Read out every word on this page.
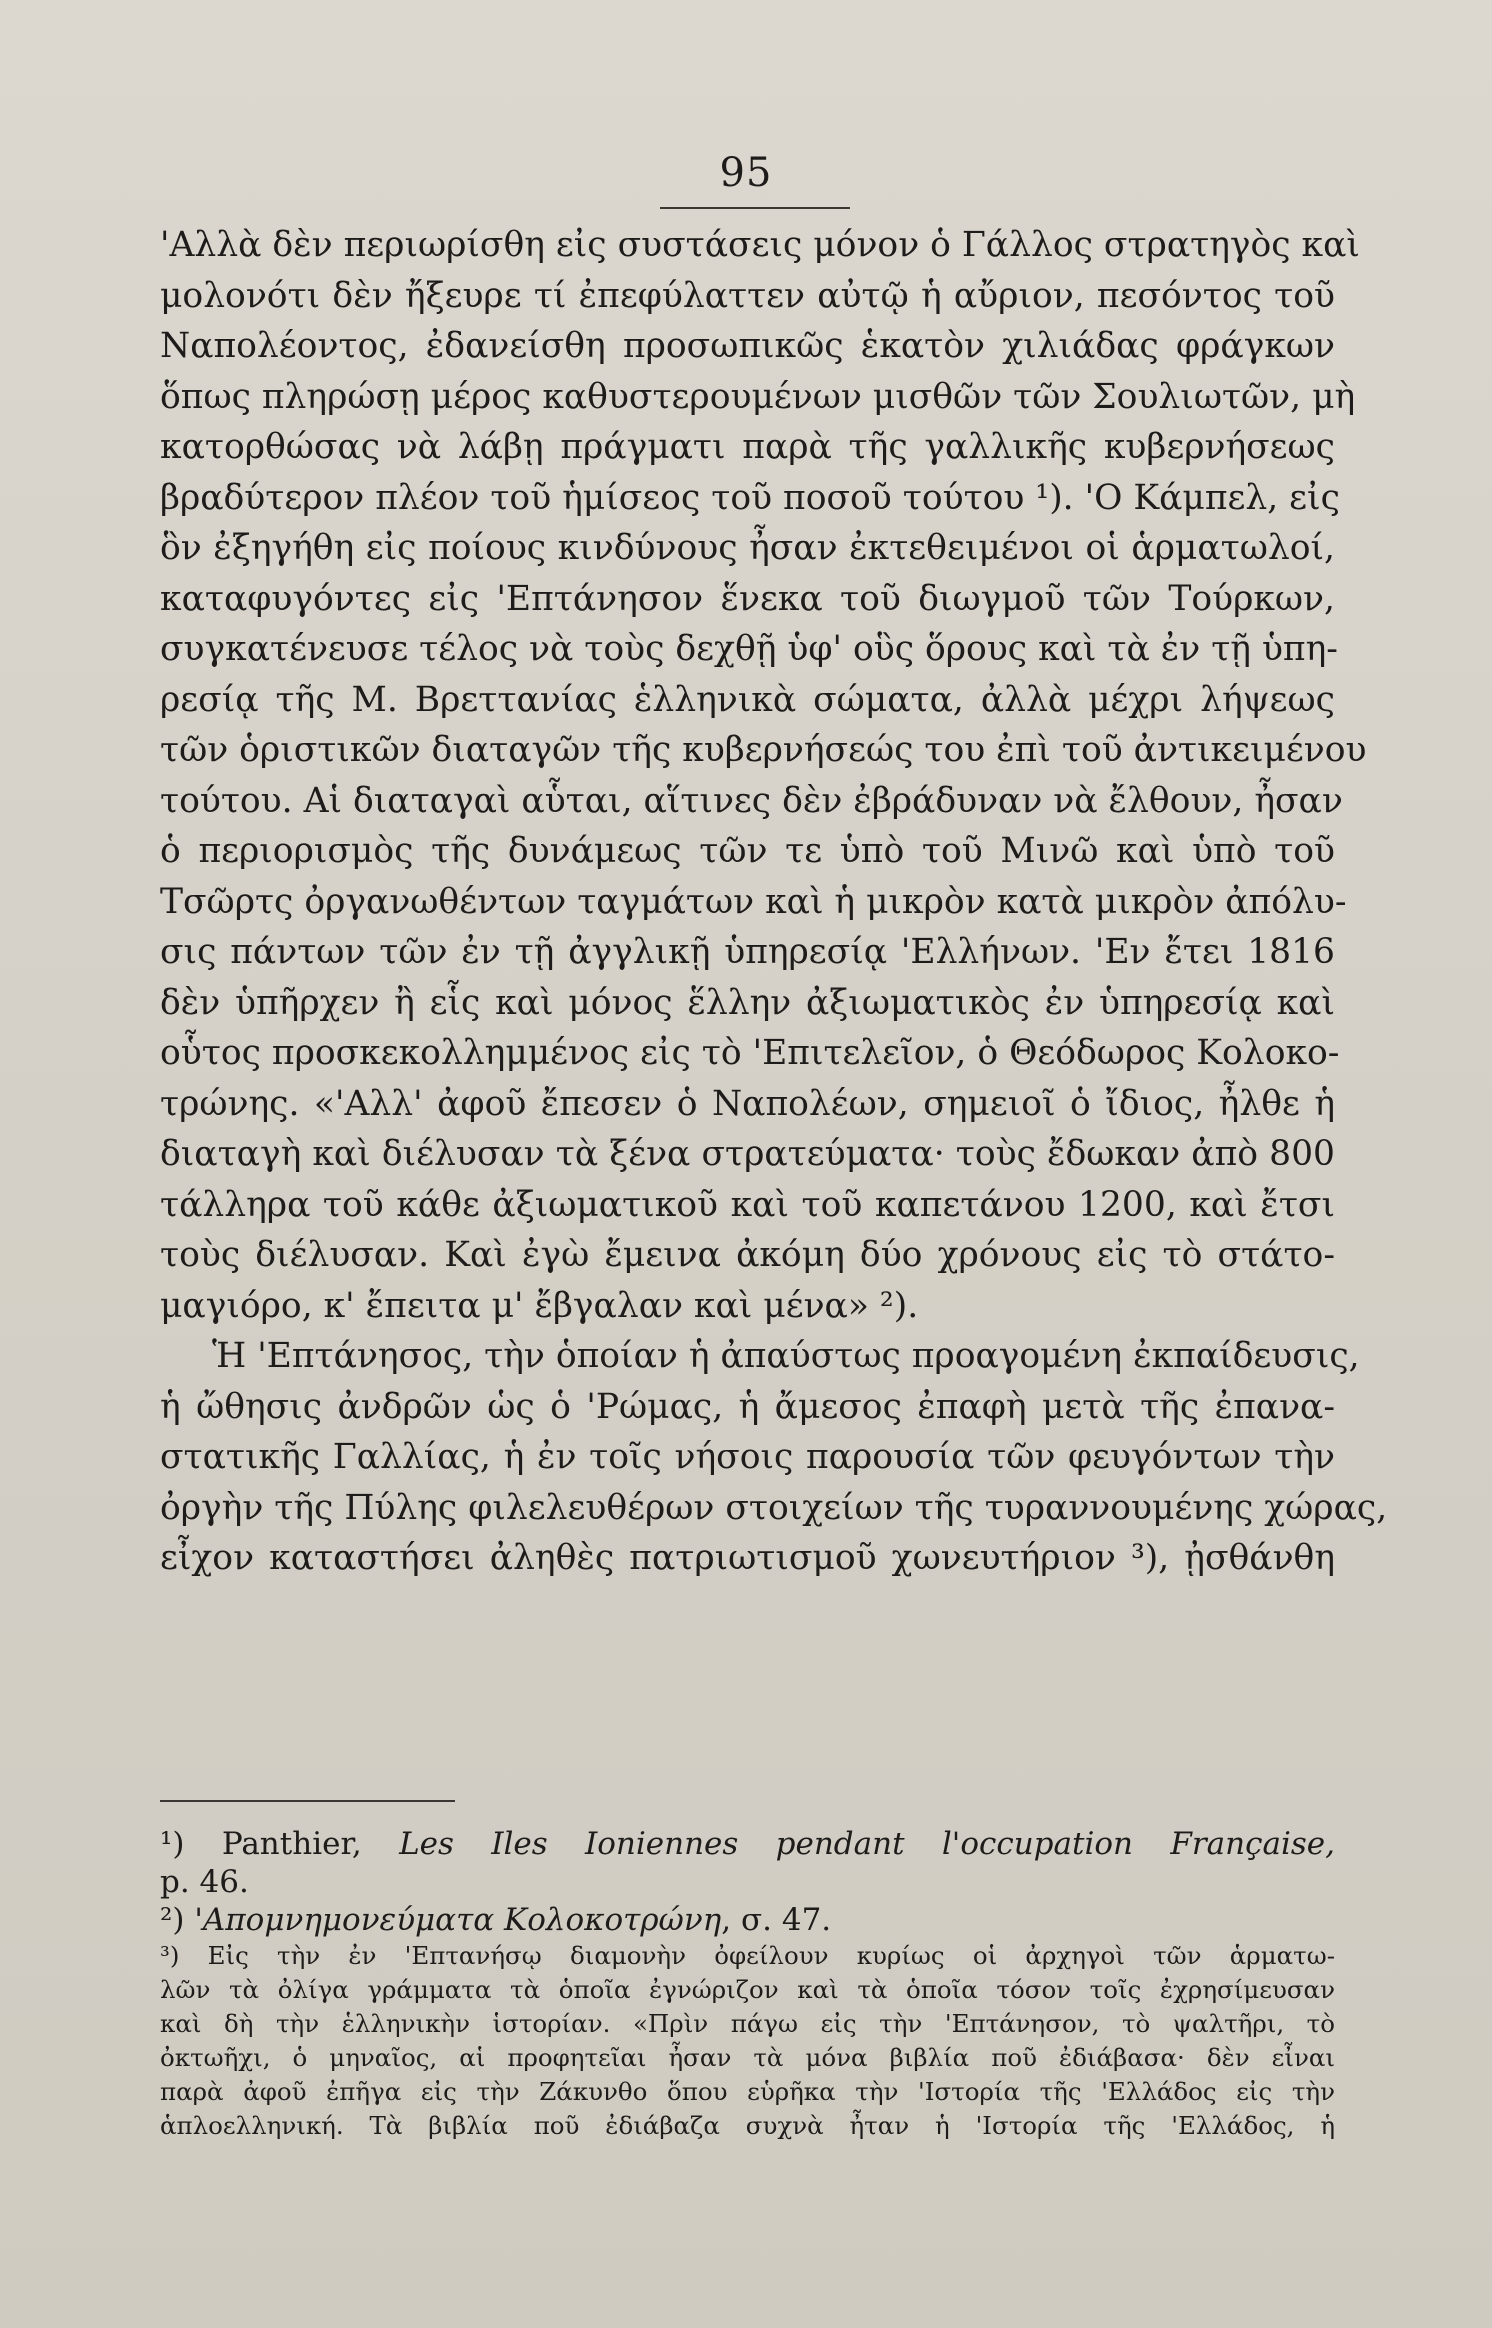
95
'Αλλὰ δὲν περιωρίσθη εἰς συστάσεις μόνον ὁ Γάλλος στρατηγὸς καὶ
μολονότι δὲν ἤξευρε τί ἐπεφύλαττεν αὐτῷ ἡ αὔριον, πεσόντος τοῦ
Ναπολέοντος, ἐδανείσθη προσωπικῶς ἑκατὸν χιλιάδας φράγκων
ὅπως πληρώσῃ μέρος καθυστερουμένων μισθῶν τῶν Σουλιωτῶν, μὴ
κατορθώσας νὰ λάβῃ πράγματι παρὰ τῆς γαλλικῆς κυβερνήσεως
βραδύτερον πλέον τοῦ ἡμίσεος τοῦ ποσοῦ τούτου ¹). 'Ο Κάμπελ, εἰς
ὃν ἐξηγήθη εἰς ποίους κινδύνους ἦσαν ἐκτεθειμένοι οἱ ἁρματωλοί,
καταφυγόντες εἰς 'Επτάνησον ἕνεκα τοῦ διωγμοῦ τῶν Τούρκων,
συγκατένευσε τέλος νὰ τοὺς δεχθῇ ὑφ' οὓς ὅρους καὶ τὰ ἐν τῇ ὑπη-
ρεσίᾳ τῆς Μ. Βρεττανίας ἑλληνικὰ σώματα, ἀλλὰ μέχρι λήψεως
τῶν ὁριστικῶν διαταγῶν τῆς κυβερνήσεώς του ἐπὶ τοῦ ἀντικειμένου
τούτου. Αἱ διαταγαὶ αὗται, αἵτινες δὲν ἐβράδυναν νὰ ἔλθουν, ἦσαν
ὁ περιορισμὸς τῆς δυνάμεως τῶν τε ὑπὸ τοῦ Μινῶ καὶ ὑπὸ τοῦ
Τσῶρτς ὀργανωθέντων ταγμάτων καὶ ἡ μικρὸν κατὰ μικρὸν ἀπόλυ-
σις πάντων τῶν ἐν τῇ ἀγγλικῇ ὑπηρεσίᾳ 'Ελλήνων. 'Εν ἔτει 1816
δὲν ὑπῆρχεν ἢ εἷς καὶ μόνος ἕλλην ἀξιωματικὸς ἐν ὑπηρεσίᾳ καὶ
οὗτος προσκεκολλημμένος εἰς τὸ 'Επιτελεῖον, ὁ Θεόδωρος Κολοκο-
τρώνης. «'Αλλ' ἀφοῦ ἔπεσεν ὁ Ναπολέων, σημειοῖ ὁ ἴδιος, ἦλθε ἡ
διαταγὴ καὶ διέλυσαν τὰ ξένα στρατεύματα· τοὺς ἔδωκαν ἀπὸ 800
τάλληρα τοῦ κάθε ἀξιωματικοῦ καὶ τοῦ καπετάνου 1200, καὶ ἔτσι
τοὺς διέλυσαν. Καὶ ἐγὼ ἔμεινα ἀκόμη δύο χρόνους εἰς τὸ στάτο-
μαγιόρο, κ' ἔπειτα μ' ἔβγαλαν καὶ μένα» ²).
Ἡ 'Επτάνησος, τὴν ὁποίαν ἡ ἀπαύστως προαγομένη ἐκπαίδευσις,
ἡ ὤθησις ἀνδρῶν ὡς ὁ 'Ρώμας, ἡ ἄμεσος ἐπαφὴ μετὰ τῆς ἐπανα-
στατικῆς Γαλλίας, ἡ ἐν τοῖς νήσοις παρουσία τῶν φευγόντων τὴν
ὀργὴν τῆς Πύλης φιλελευθέρων στοιχείων τῆς τυραννουμένης χώρας,
εἶχον καταστήσει ἀληθὲς πατριωτισμοῦ χωνευτήριον ³), ᾐσθάνθη
¹) Panthier, Les Iles Ioniennes pendant l'occupation Française,
p. 46.
²) 'Απομνημονεύματα Κολοκοτρώνη, σ. 47.
³) Εἰς τὴν ἐν 'Επτανήσῳ διαμονὴν ὀφείλουν κυρίως οἱ ἀρχηγοὶ τῶν ἁρματω-
λῶν τὰ ὀλίγα γράμματα τὰ ὁποῖα ἐγνώριζον καὶ τὰ ὁποῖα τόσον τοῖς ἐχρησίμευσαν
καὶ δὴ τὴν ἑλληνικὴν ἱστορίαν. «Πρὶν πάγω εἰς τὴν 'Επτάνησον, τὸ ψαλτῆρι, τὸ
ὀκτωῆχι, ὁ μηναῖος, αἱ προφητεῖαι ἦσαν τὰ μόνα βιβλία ποῦ ἐδιάβασα· δὲν εἶναι
παρὰ ἀφοῦ ἐπῆγα εἰς τὴν Ζάκυνθο ὅπου εὑρῆκα τὴν 'Ιστορία τῆς 'Ελλάδος εἰς τὴν
ἁπλοελληνική. Τὰ βιβλία ποῦ ἐδιάβαζα συχνὰ ἦταν ἡ 'Ιστορία τῆς 'Ελλάδος, ἡ
